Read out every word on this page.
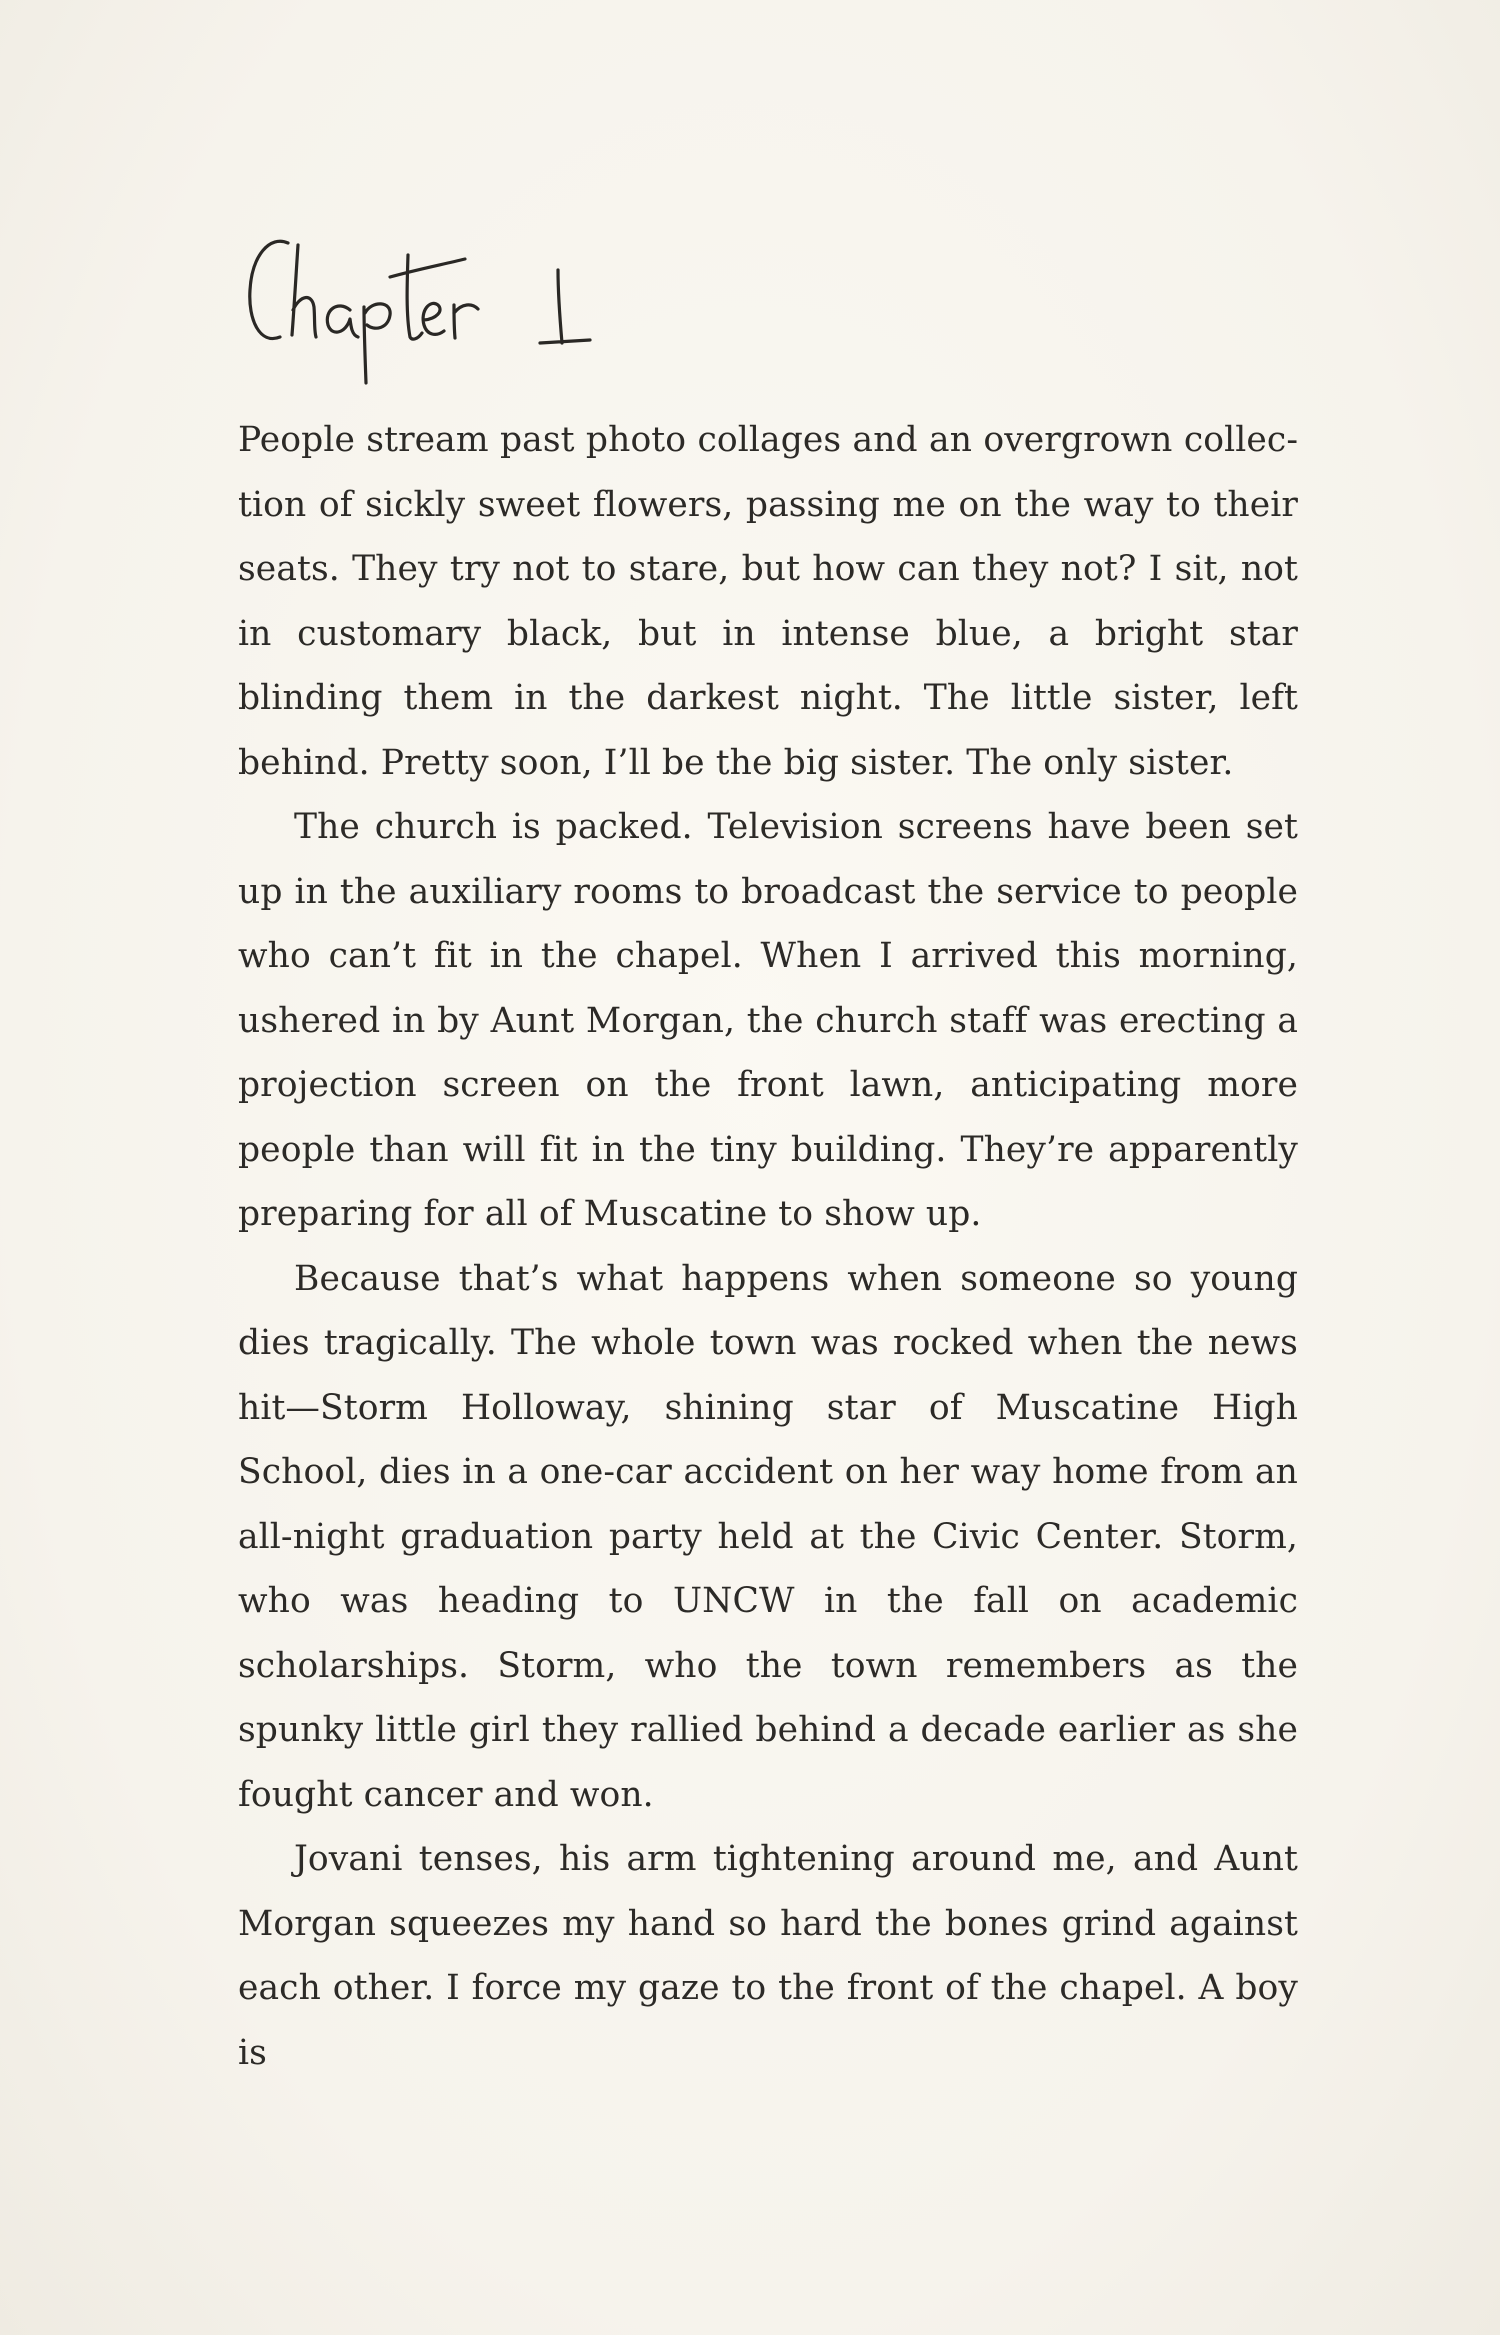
People stream past photo collages and an overgrown collection of sickly sweet flowers, passing me on the way to their seats. They try not to stare, but how can they not? I sit, not in customary black, but in intense blue, a bright star blinding them in the darkest night. The little sister, left behind. Pretty soon, I’ll be the big sister. The only sister.

The church is packed. Television screens have been set up in the auxiliary rooms to broadcast the service to people who can’t fit in the chapel. When I arrived this morning, ushered in by Aunt Morgan, the church staff was erecting a projection screen on the front lawn, anticipating more people than will fit in the tiny building. They’re apparently preparing for all of Muscatine to show up.

Because that’s what happens when someone so young dies tragically. The whole town was rocked when the news hit—Storm Holloway, shining star of Muscatine High School, dies in a one-car accident on her way home from an all-night graduation party held at the Civic Center. Storm, who was heading to UNCW in the fall on academic scholarships. Storm, who the town remembers as the spunky little girl they rallied behind a decade earlier as she fought cancer and won.

Jovani tenses, his arm tightening around me, and Aunt Morgan squeezes my hand so hard the bones grind against each other. I force my gaze to the front of the chapel. A boy is
